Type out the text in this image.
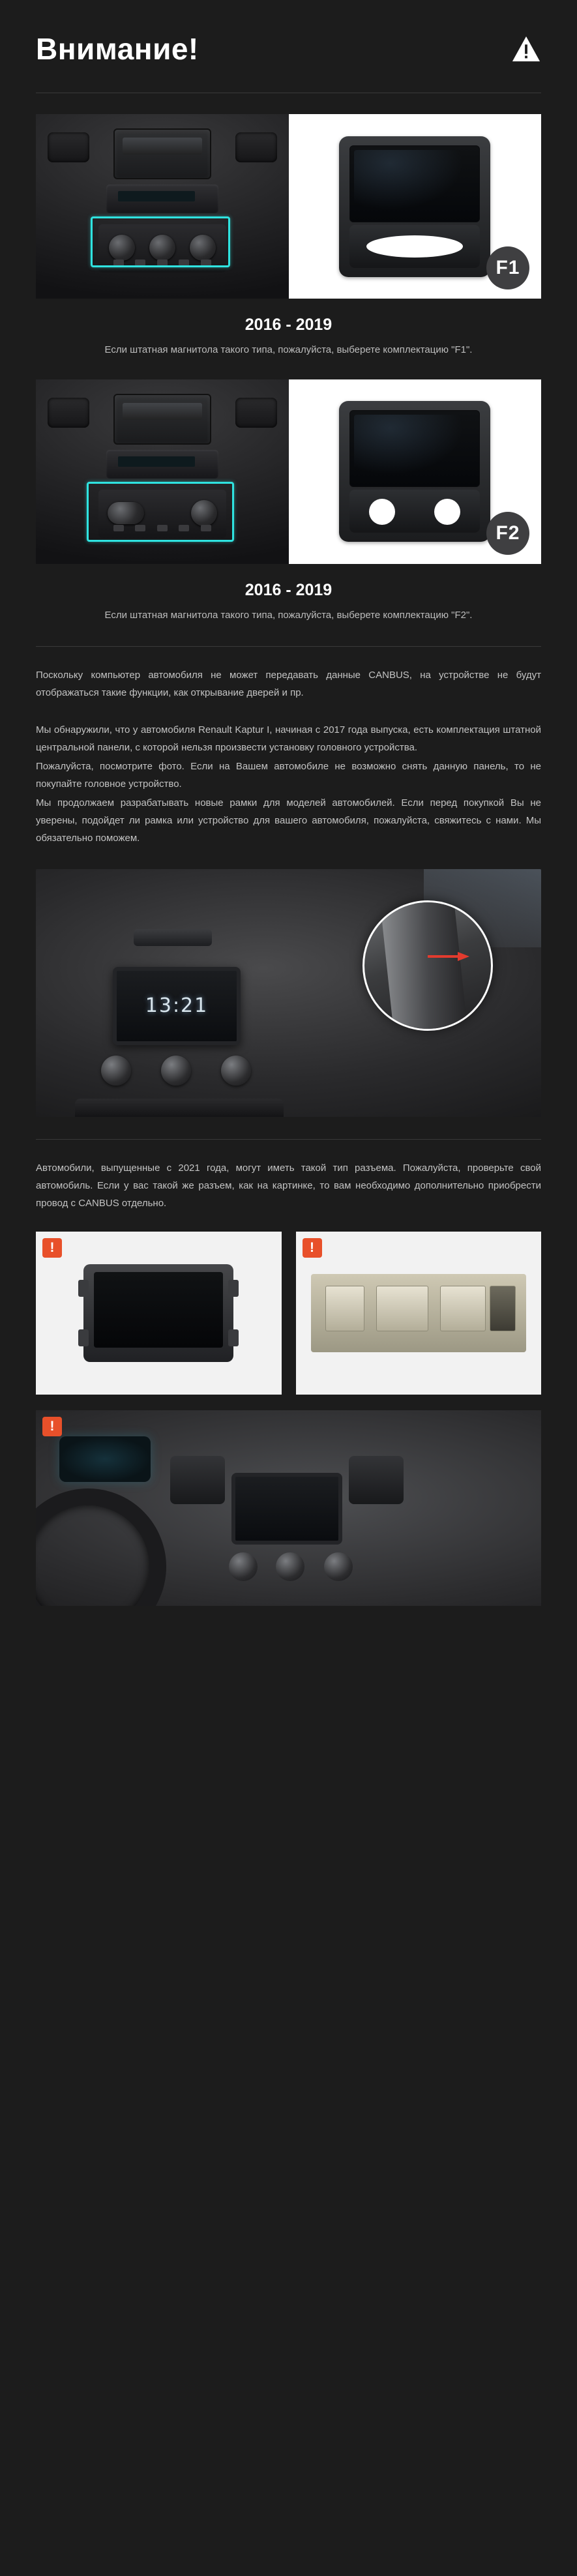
Внимание!
F1
2016 - 2019
Если штатная магнитола такого типа, пожалуйста, выберете комплектацию "F1".
F2
2016 - 2019
Если штатная магнитола такого типа, пожалуйста, выберете комплектацию "F2".

Поскольку компьютер автомобиля не может передавать данные CANBUS, на устройстве не будут отображаться такие функции, как открывание дверей и пр.

Мы обнаружили, что у автомобиля Renault Kaptur I, начиная с 2017 года выпуска, есть комплектация штатной центральной панели, с которой нельзя произвести установку головного устройства.

Пожалуйста, посмотрите фото. Если на Вашем автомобиле не возможно снять данную панель, то не покупайте головное устройство.

Мы продолжаем разрабатывать новые рамки для моделей автомобилей. Если перед покупкой Вы не уверены, подойдет ли рамка или устройство для вашего автомобиля, пожалуйста, свяжитесь с нами. Мы обязательно поможем.

13:21

Автомобили, выпущенные с 2021 года, могут иметь такой тип разъема. Пожалуйста, проверьте свой автомобиль. Если у вас такой же разъем, как на картинке, то вам необходимо дополнительно приобрести провод с CANBUS отдельно.

!	!
!
